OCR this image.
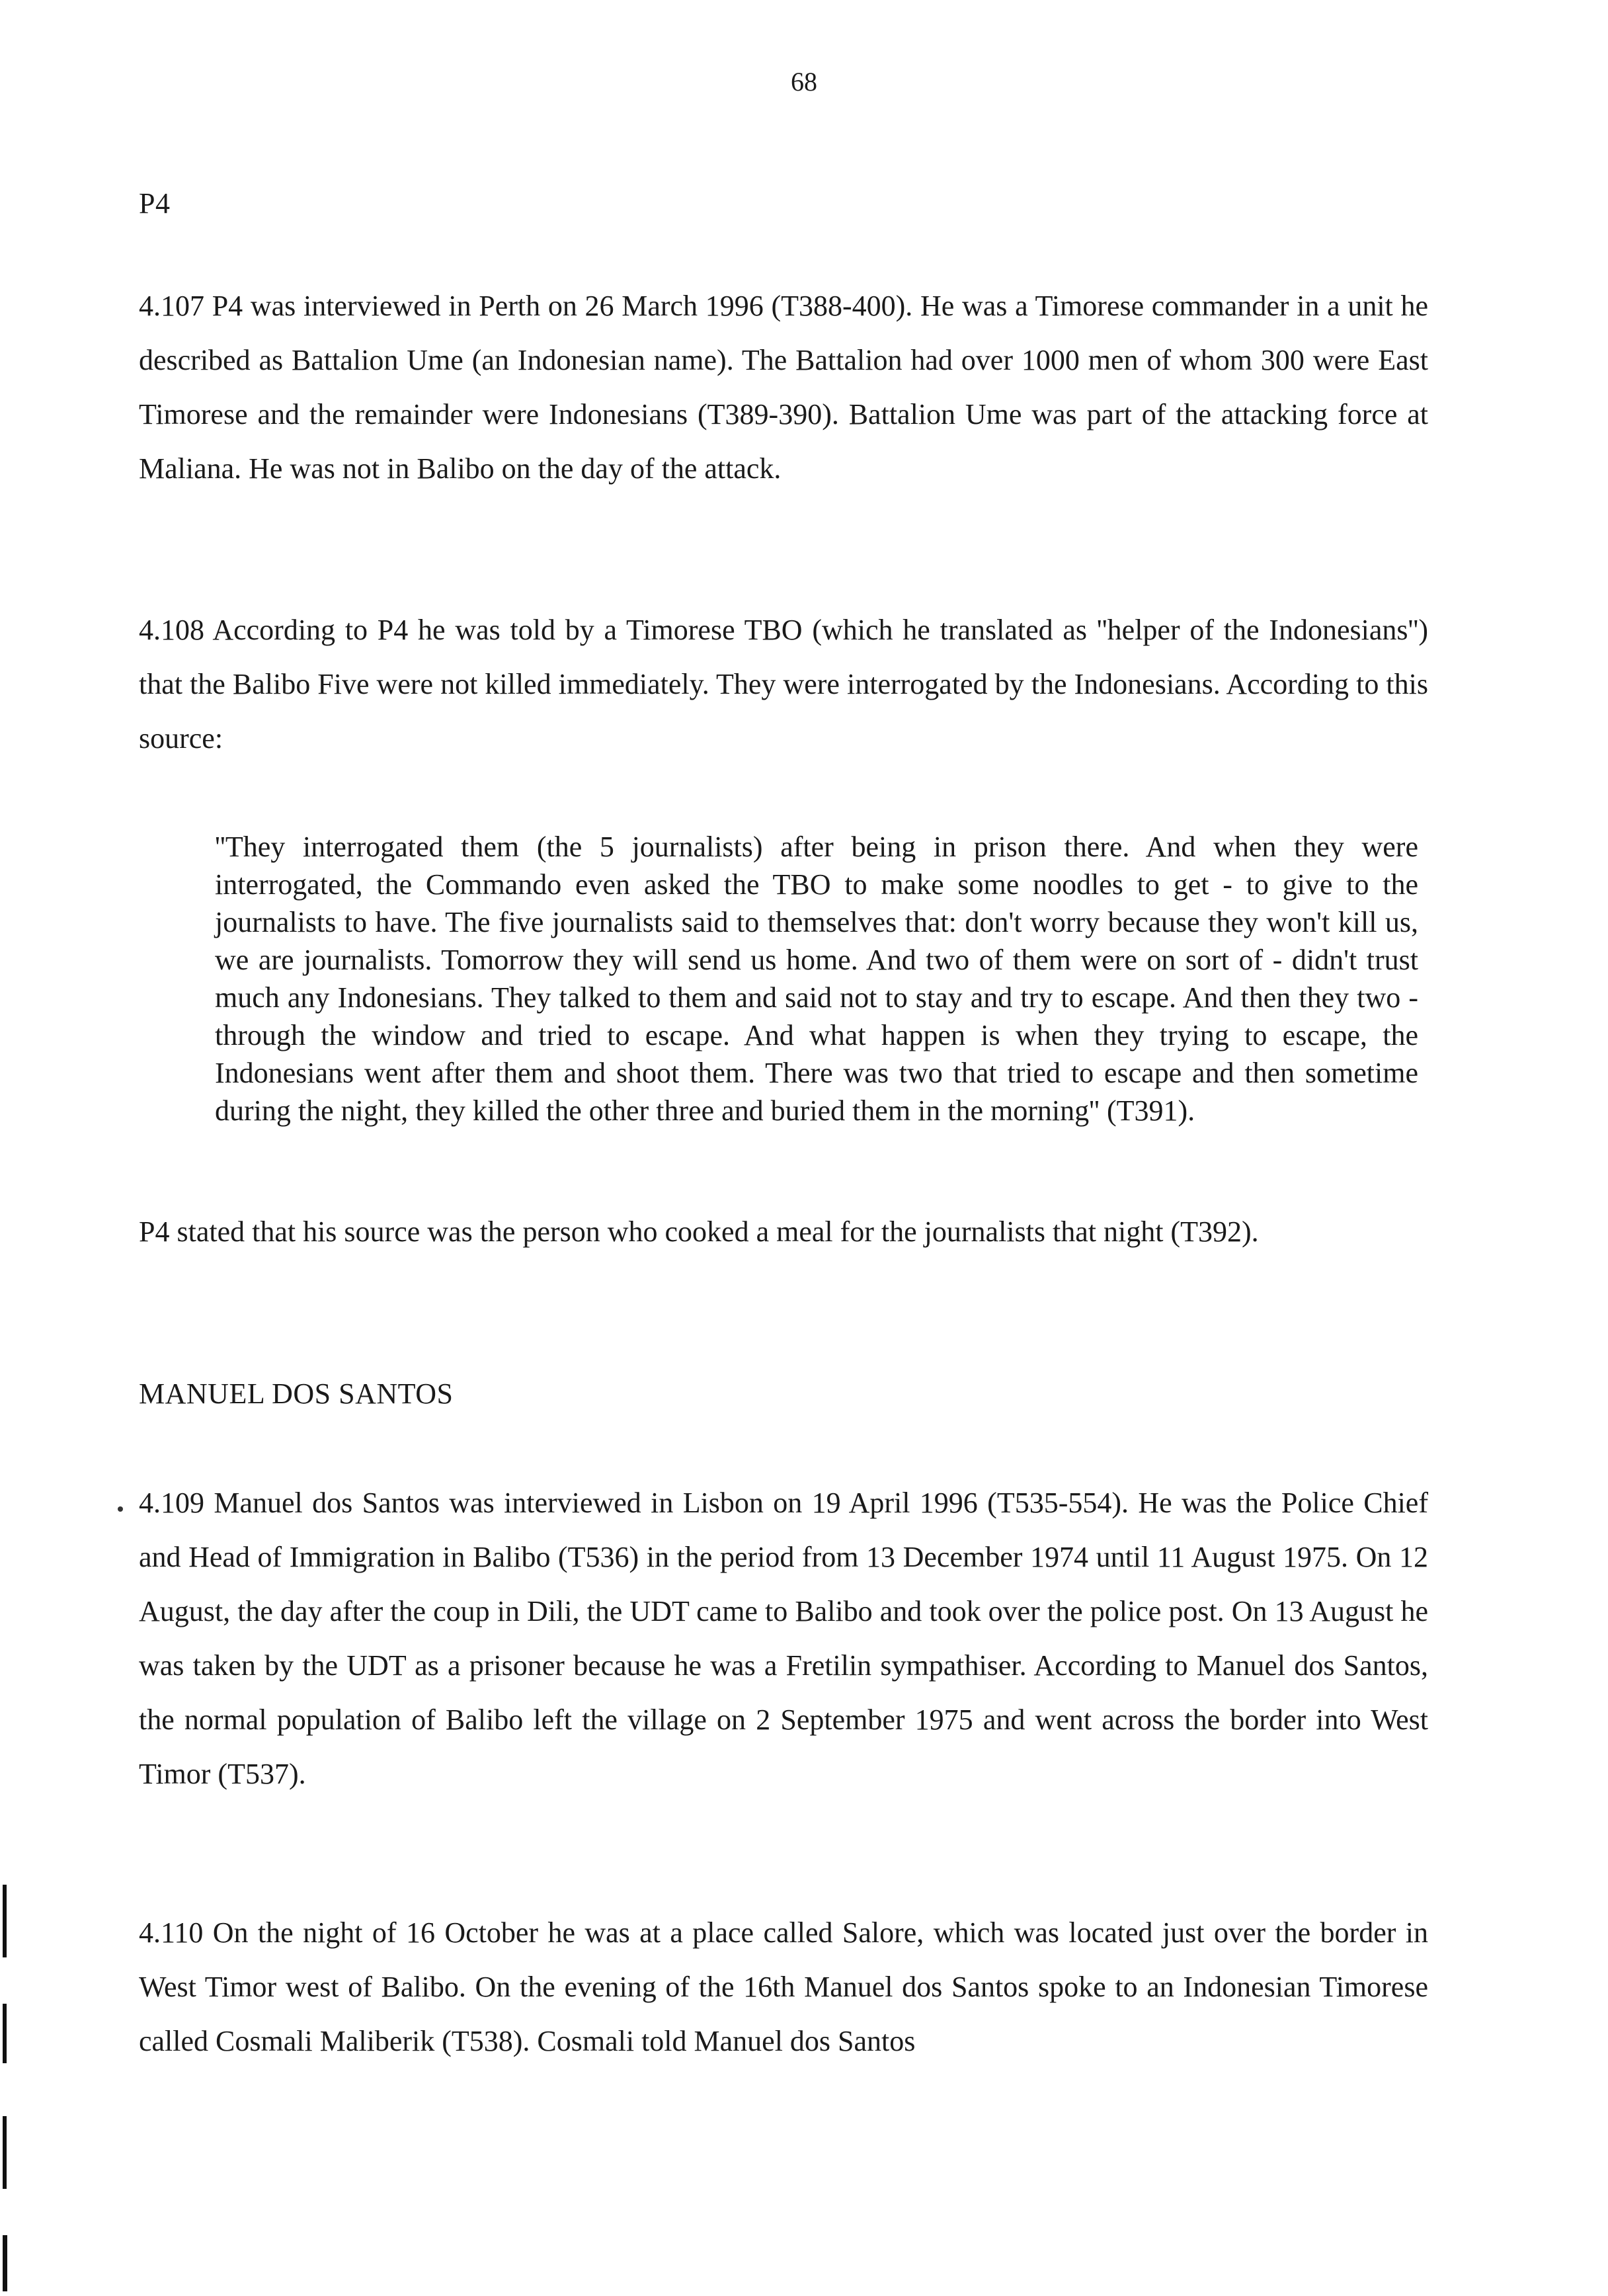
68
P4

4.107 P4 was interviewed in Perth on 26 March 1996 (T388-400). He was a Timorese commander in a unit he described as Battalion Ume (an Indonesian name). The Battalion had over 1000 men of whom 300 were East Timorese and the remainder were Indonesians (T389-390). Battalion Ume was part of the attacking force at Maliana. He was not in Balibo on the day of the attack.

4.108 According to P4 he was told by a Timorese TBO (which he translated as ''helper of the Indonesians'') that the Balibo Five were not killed immediately. They were interrogated by the Indonesians. According to this source:

''They interrogated them (the 5 journalists) after being in prison there. And when they were interrogated, the Commando even asked the TBO to make some noodles to get - to give to the journalists to have. The five journalists said to themselves that: don't worry because they won't kill us, we are journalists. Tomorrow they will send us home. And two of them were on sort of - didn't trust much any Indonesians. They talked to them and said not to stay and try to escape. And then they two - through the window and tried to escape. And what happen is when they trying to escape, the Indonesians went after them and shoot them. There was two that tried to escape and then sometime during the night, they killed the other three and buried them in the morning'' (T391).

P4 stated that his source was the person who cooked a meal for the journalists that night (T392).

MANUEL DOS SANTOS

4.109 Manuel dos Santos was interviewed in Lisbon on 19 April 1996 (T535-554). He was the Police Chief and Head of Immigration in Balibo (T536) in the period from 13 December 1974 until 11 August 1975. On 12 August, the day after the coup in Dili, the UDT came to Balibo and took over the police post. On 13 August he was taken by the UDT as a prisoner because he was a Fretilin sympathiser. According to Manuel dos Santos, the normal population of Balibo left the village on 2 September 1975 and went across the border into West Timor (T537).

4.110 On the night of 16 October he was at a place called Salore, which was located just over the border in West Timor west of Balibo. On the evening of the 16th Manuel dos Santos spoke to an Indonesian Timorese called Cosmali Maliberik (T538). Cosmali told Manuel dos Santos
